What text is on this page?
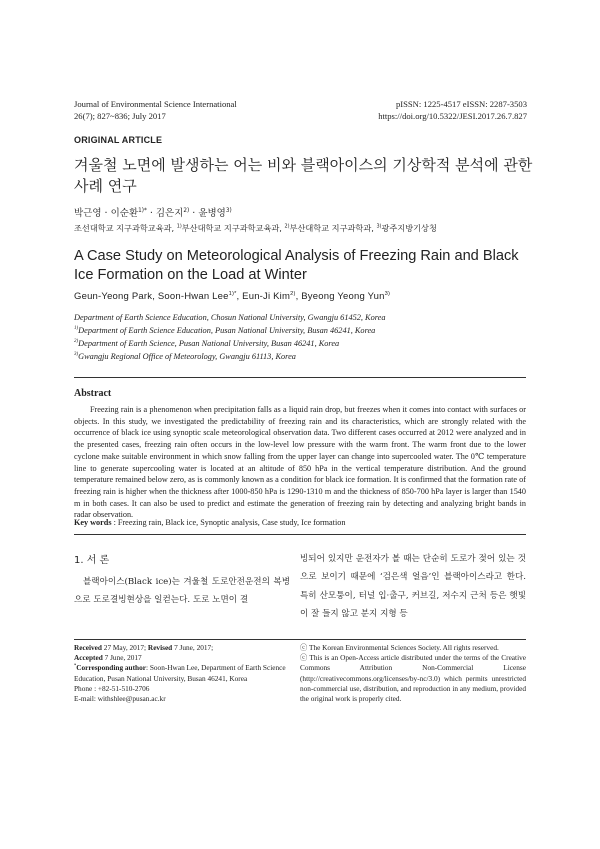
Journal of Environmental Science International
26(7); 827~836; July 2017
pISSN: 1225-4517 eISSN: 2287-3503
https://doi.org/10.5322/JESI.2017.26.7.827
ORIGINAL ARTICLE
겨울철 노면에 발생하는 어는 비와 블랙아이스의 기상학적 분석에 관한 사례 연구
박근영 · 이순환$^{1)*}$ · 김은지$^{2)}$ · 윤병영$^{3)}$
조선대학교 지구과학교육과, $^{1)}$부산대학교 지구과학교육과, $^{2)}$부산대학교 지구과학과, $^{3)}$광주지방기상청
A Case Study on Meteorological Analysis of Freezing Rain and Black Ice Formation on the Load at Winter
Geun-Yeong Park, Soon-Hwan Lee$^{1)*}$, Eun-Ji Kim$^{2)}$, Byeong Yeong Yun$^{3)}$
Department of Earth Science Education, Chosun National University, Gwangju 61452, Korea
$^{1)}$Department of Earth Science Education, Pusan National University, Busan 46241, Korea
$^{2)}$Department of Earth Science, Pusan National University, Busan 46241, Korea
$^{3)}$Gwangju Regional Office of Meteorology, Gwangju 61113, Korea
Abstract
Freezing rain is a phenomenon when precipitation falls as a liquid rain drop, but freezes when it comes into contact with surfaces or objects. In this study, we investigated the predictability of freezing rain and its characteristics, which are strongly related with the occurrence of black ice using synoptic scale meteorological observation data. Two different cases occurred at 2012 were analyzed and in the presented cases, freezing rain often occurs in the low-level low pressure with the warm front. The warm front due to the lower cyclone make suitable environment in which snow falling from the upper layer can change into supercooled water. The 0℃ temperature line to generate supercooling water is located at an altitude of 850 hPa in the vertical temperature distribution. And the ground temperature remained below zero, as is commonly known as a condition for black ice formation. It is confirmed that the formation rate of freezing rain is higher when the thickness after 1000-850 hPa is 1290-1310 m and the thickness of 850-700 hPa layer is larger than 1540 m in both cases. It can also be used to predict and estimate the generation of freezing rain by detecting and analyzing bright bands in radar observation.
Key words : Freezing rain, Black ice, Synoptic analysis, Case study, Ice formation
1. 서 론
블랙아이스(Black ice)는 겨울철 도로안전운전의 복병으로 도로결빙현상을 일컫는다. 도로 노면이 결
빙되어 있지만 운전자가 볼 때는 단순히 도로가 젖어 있는 것으로 보이기 때문에 ‘검은색 얼음’인 블랙아이스라고 한다. 특히 산모퉁이, 터널 입·출구, 커브길, 저수지 근처 등은 햇빛이 잘 들지 않고 분지 지형 등
Received 27 May, 2017; Revised 7 June, 2017;
Accepted 7 June, 2017
*Corresponding author: Soon-Hwan Lee, Department of Earth Science Education, Pusan National University, Busan 46241, Korea
Phone : +82-51-510-2706
E-mail: withshlee@pusan.ac.kr
ⓒ The Korean Environmental Sciences Society. All rights reserved.
ⓒ This is an Open-Access article distributed under the terms of the Creative Commons Attribution Non-Commercial License (http://creativecommons.org/licenses/by-nc/3.0) which permits unrestricted non-commercial use, distribution, and reproduction in any medium, provided the original work is properly cited.
